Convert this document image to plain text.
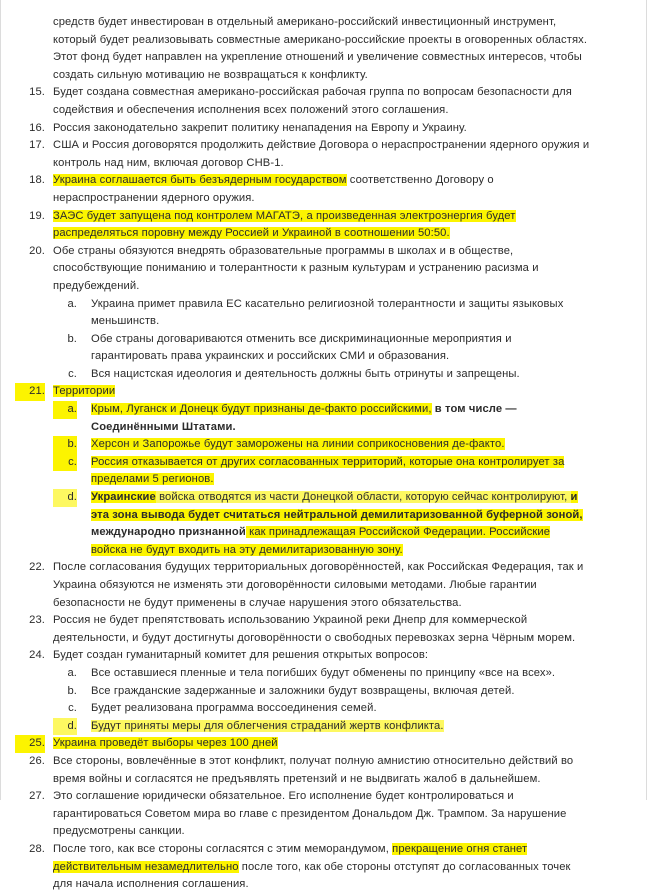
средств будет инвестирован в отдельный американо-российский инвестиционный инструмент,
который будет реализовывать совместные американо-российские проекты в оговоренных областях.
Этот фонд будет направлен на укрепление отношений и увеличение совместных интересов, чтобы
создать сильную мотивацию не возвращаться к конфликту.
15. Будет создана совместная американо-российская рабочая группа по вопросам безопасности для
содействия и обеспечения исполнения всех положений этого соглашения.
16. Россия законодательно закрепит политику ненападения на Европу и Украину.
17. США и Россия договорятся продолжить действие Договора о нераспространении ядерного оружия и
контроль над ним, включая договор СНВ-1.
18. Украина соглашается быть безъядерным государством соответственно Договору о
нераспространении ядерного оружия.
19. ЗАЭС будет запущена под контролем МАГАТЭ, а произведенная электроэнергия будет
распределяться поровну между Россией и Украиной в соотношении 50:50.
20. Обе страны обязуются внедрять образовательные программы в школах и в обществе,
способствующие пониманию и толерантности к разным культурам и устранению расизма и
предубеждений.
a. Украина примет правила ЕС касательно религиозной толерантности и защиты языковых
меньшинств.
b. Обе страны договариваются отменить все дискриминационные мероприятия и
гарантировать права украинских и российских СМИ и образования.
c. Вся нацистская идеология и деятельность должны быть отринуты и запрещены.
21. Территории
a. Крым, Луганск и Донецк будут признаны де-факто российскими, в том числе —
Соединёнными Штатами.
b. Херсон и Запорожье будут заморожены на линии соприкосновения де-факто.
c. Россия отказывается от других согласованных территорий, которые она контролирует за
пределами 5 регионов.
d. Украинские войска отводятся из части Донецкой области, которую сейчас контролируют, и
эта зона вывода будет считаться нейтральной демилитаризованной буферной зоной,
международно признанной как принадлежащая Российской Федерации. Российские
войска не будут входить на эту демилитаризованную зону.
22. После согласования будущих территориальных договорённостей, как Российская Федерация, так и
Украина обязуются не изменять эти договорённости силовыми методами. Любые гарантии
безопасности не будут применены в случае нарушения этого обязательства.
23. Россия не будет препятствовать использованию Украиной реки Днепр для коммерческой
деятельности, и будут достигнуты договорённости о свободных перевозках зерна Чёрным морем.
24. Будет создан гуманитарный комитет для решения открытых вопросов:
a. Все оставшиеся пленные и тела погибших будут обменены по принципу «все на всех».
b. Все гражданские задержанные и заложники будут возвращены, включая детей.
c. Будет реализована программа воссоединения семей.
d. Будут приняты меры для облегчения страданий жертв конфликта.
25. Украина проведёт выборы через 100 дней
26. Все стороны, вовлечённые в этот конфликт, получат полную амнистию относительно действий во
время войны и согласятся не предъявлять претензий и не выдвигать жалоб в дальнейшем.
27. Это соглашение юридически обязательное. Его исполнение будет контролироваться и
гарантироваться Советом мира во главе с президентом Дональдом Дж. Трампом. За нарушение
предусмотрены санкции.
28. После того, как все стороны согласятся с этим меморандумом, прекращение огня станет
действительным незамедлительно после того, как обе стороны отступят до согласованных точек
для начала исполнения соглашения.
